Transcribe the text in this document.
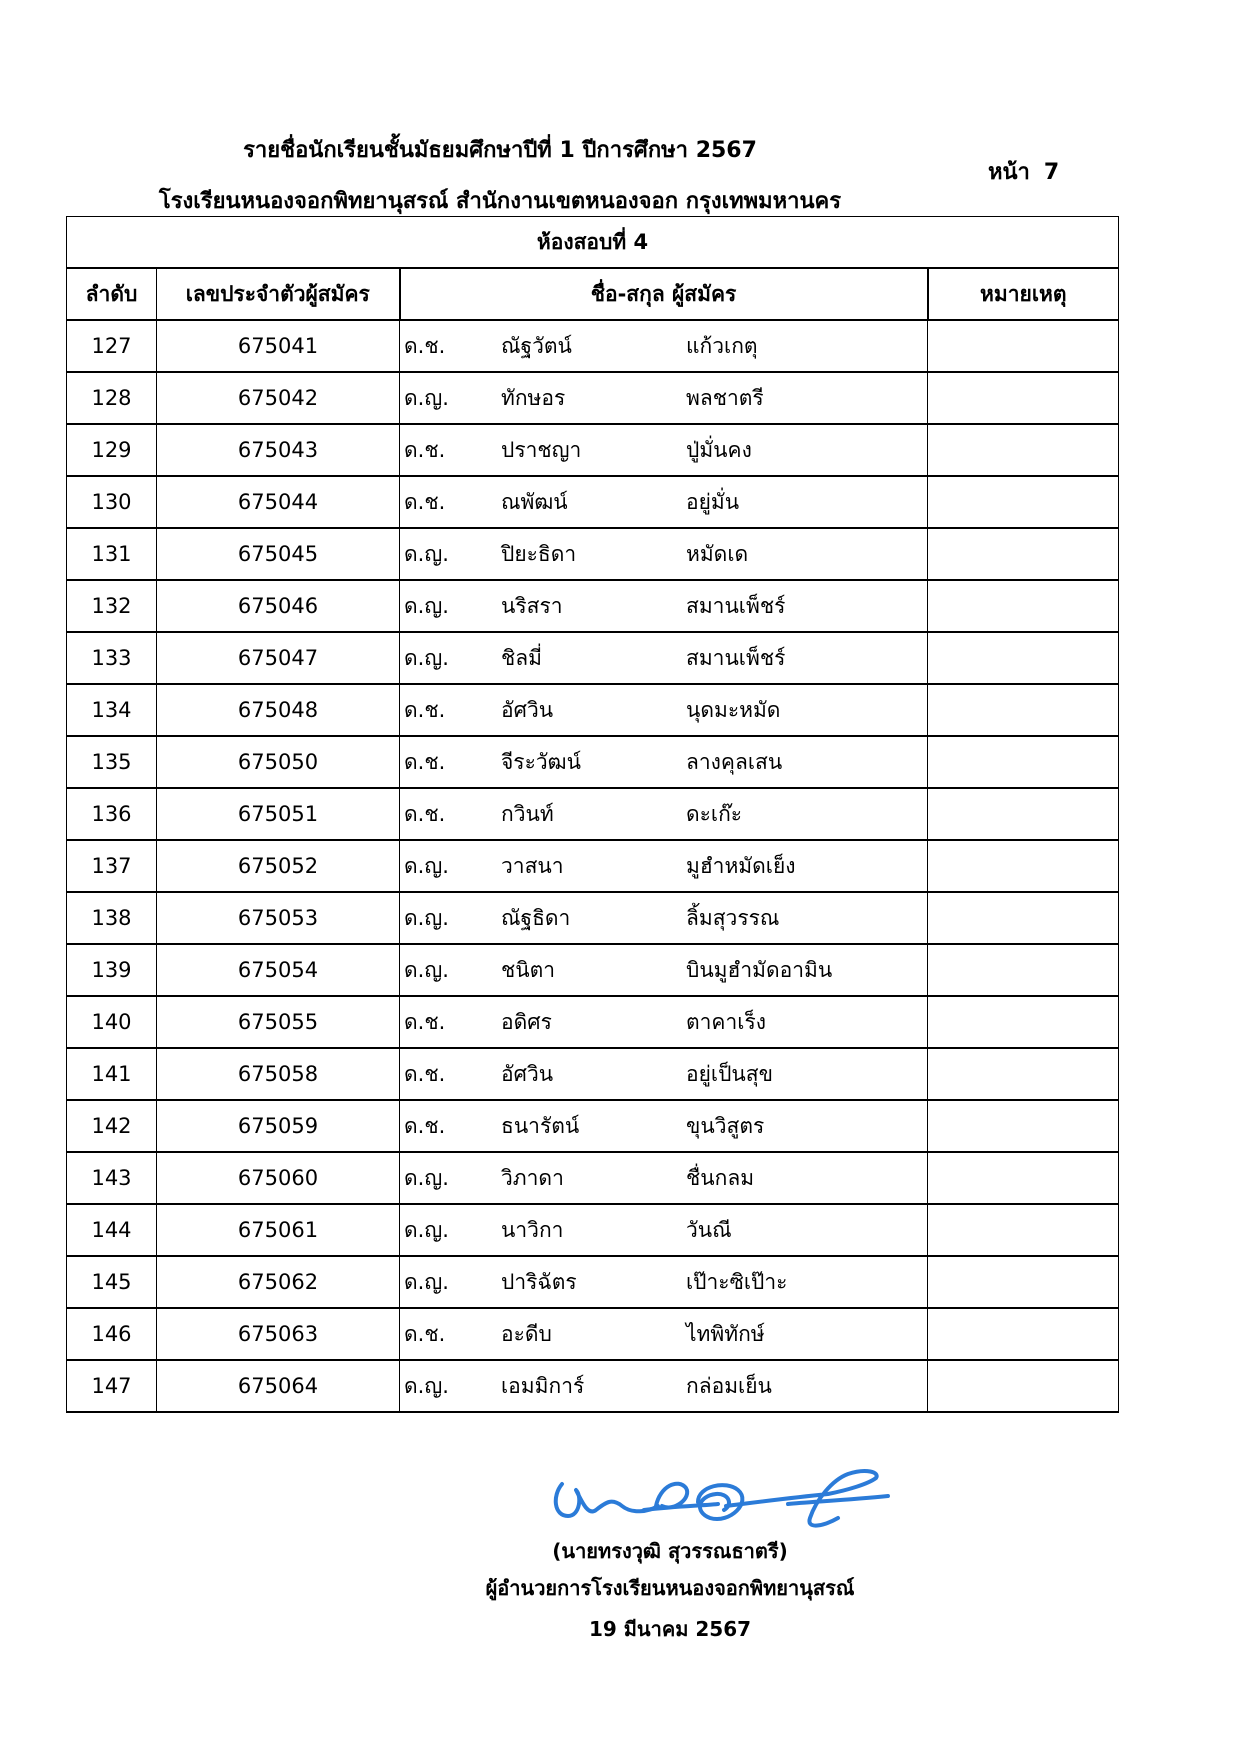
รายชื่อนักเรียนชั้นมัธยมศึกษาปีที่ 1 ปีการศึกษา 2567
โรงเรียนหนองจอกพิทยานุสรณ์ สำนักงานเขตหนองจอก กรุงเทพมหานคร
หน้า 7
ห้องสอบที่ 4			
ลำดับ	เลขประจำตัวผู้สมัคร	ชื่อ-สกุล ผู้สมัคร	หมายเหตุ
127	675041	ด.ช. ณัฐวัตน์ แก้วเกตุ	
128	675042	ด.ญ. ทักษอร พลชาตรี	
129	675043	ด.ช. ปราชญา ปู่มั่นคง	
130	675044	ด.ช. ณพัฒน์ อยู่มั่น	
131	675045	ด.ญ. ปิยะธิดา หมัดเด	
132	675046	ด.ญ. นริสรา สมานเพ็ชร์	
133	675047	ด.ญ. ชิลมี่ สมานเพ็ชร์	
134	675048	ด.ช. อัศวิน นุดมะหมัด	
135	675050	ด.ช. จีระวัฒน์ ลางคุลเสน	
136	675051	ด.ช. กวินท์ ดะเก๊ะ	
137	675052	ด.ญ. วาสนา มูฮำหมัดเย็ง	
138	675053	ด.ญ. ณัฐธิดา ลิ้มสุวรรณ	
139	675054	ด.ญ. ชนิตา บินมูฮำมัดอามิน	
140	675055	ด.ช. อดิศร ตาคาเร็ง	
141	675058	ด.ช. อัศวิน อยู่เป็นสุข	
142	675059	ด.ช. ธนารัตน์ ขุนวิสูตร	
143	675060	ด.ญ. วิภาดา ชื่นกลม	
144	675061	ด.ญ. นาวิกา วันณี	
145	675062	ด.ญ. ปาริฉัตร เป๊าะซิเป๊าะ	
146	675063	ด.ช. อะดีบ ไทพิทักษ์	
147	675064	ด.ญ. เอมมิการ์ กล่อมเย็น	
(นายทรงวุฒิ สุวรรณธาตรี)
ผู้อำนวยการโรงเรียนหนองจอกพิทยานุสรณ์
19 มีนาคม 2567
